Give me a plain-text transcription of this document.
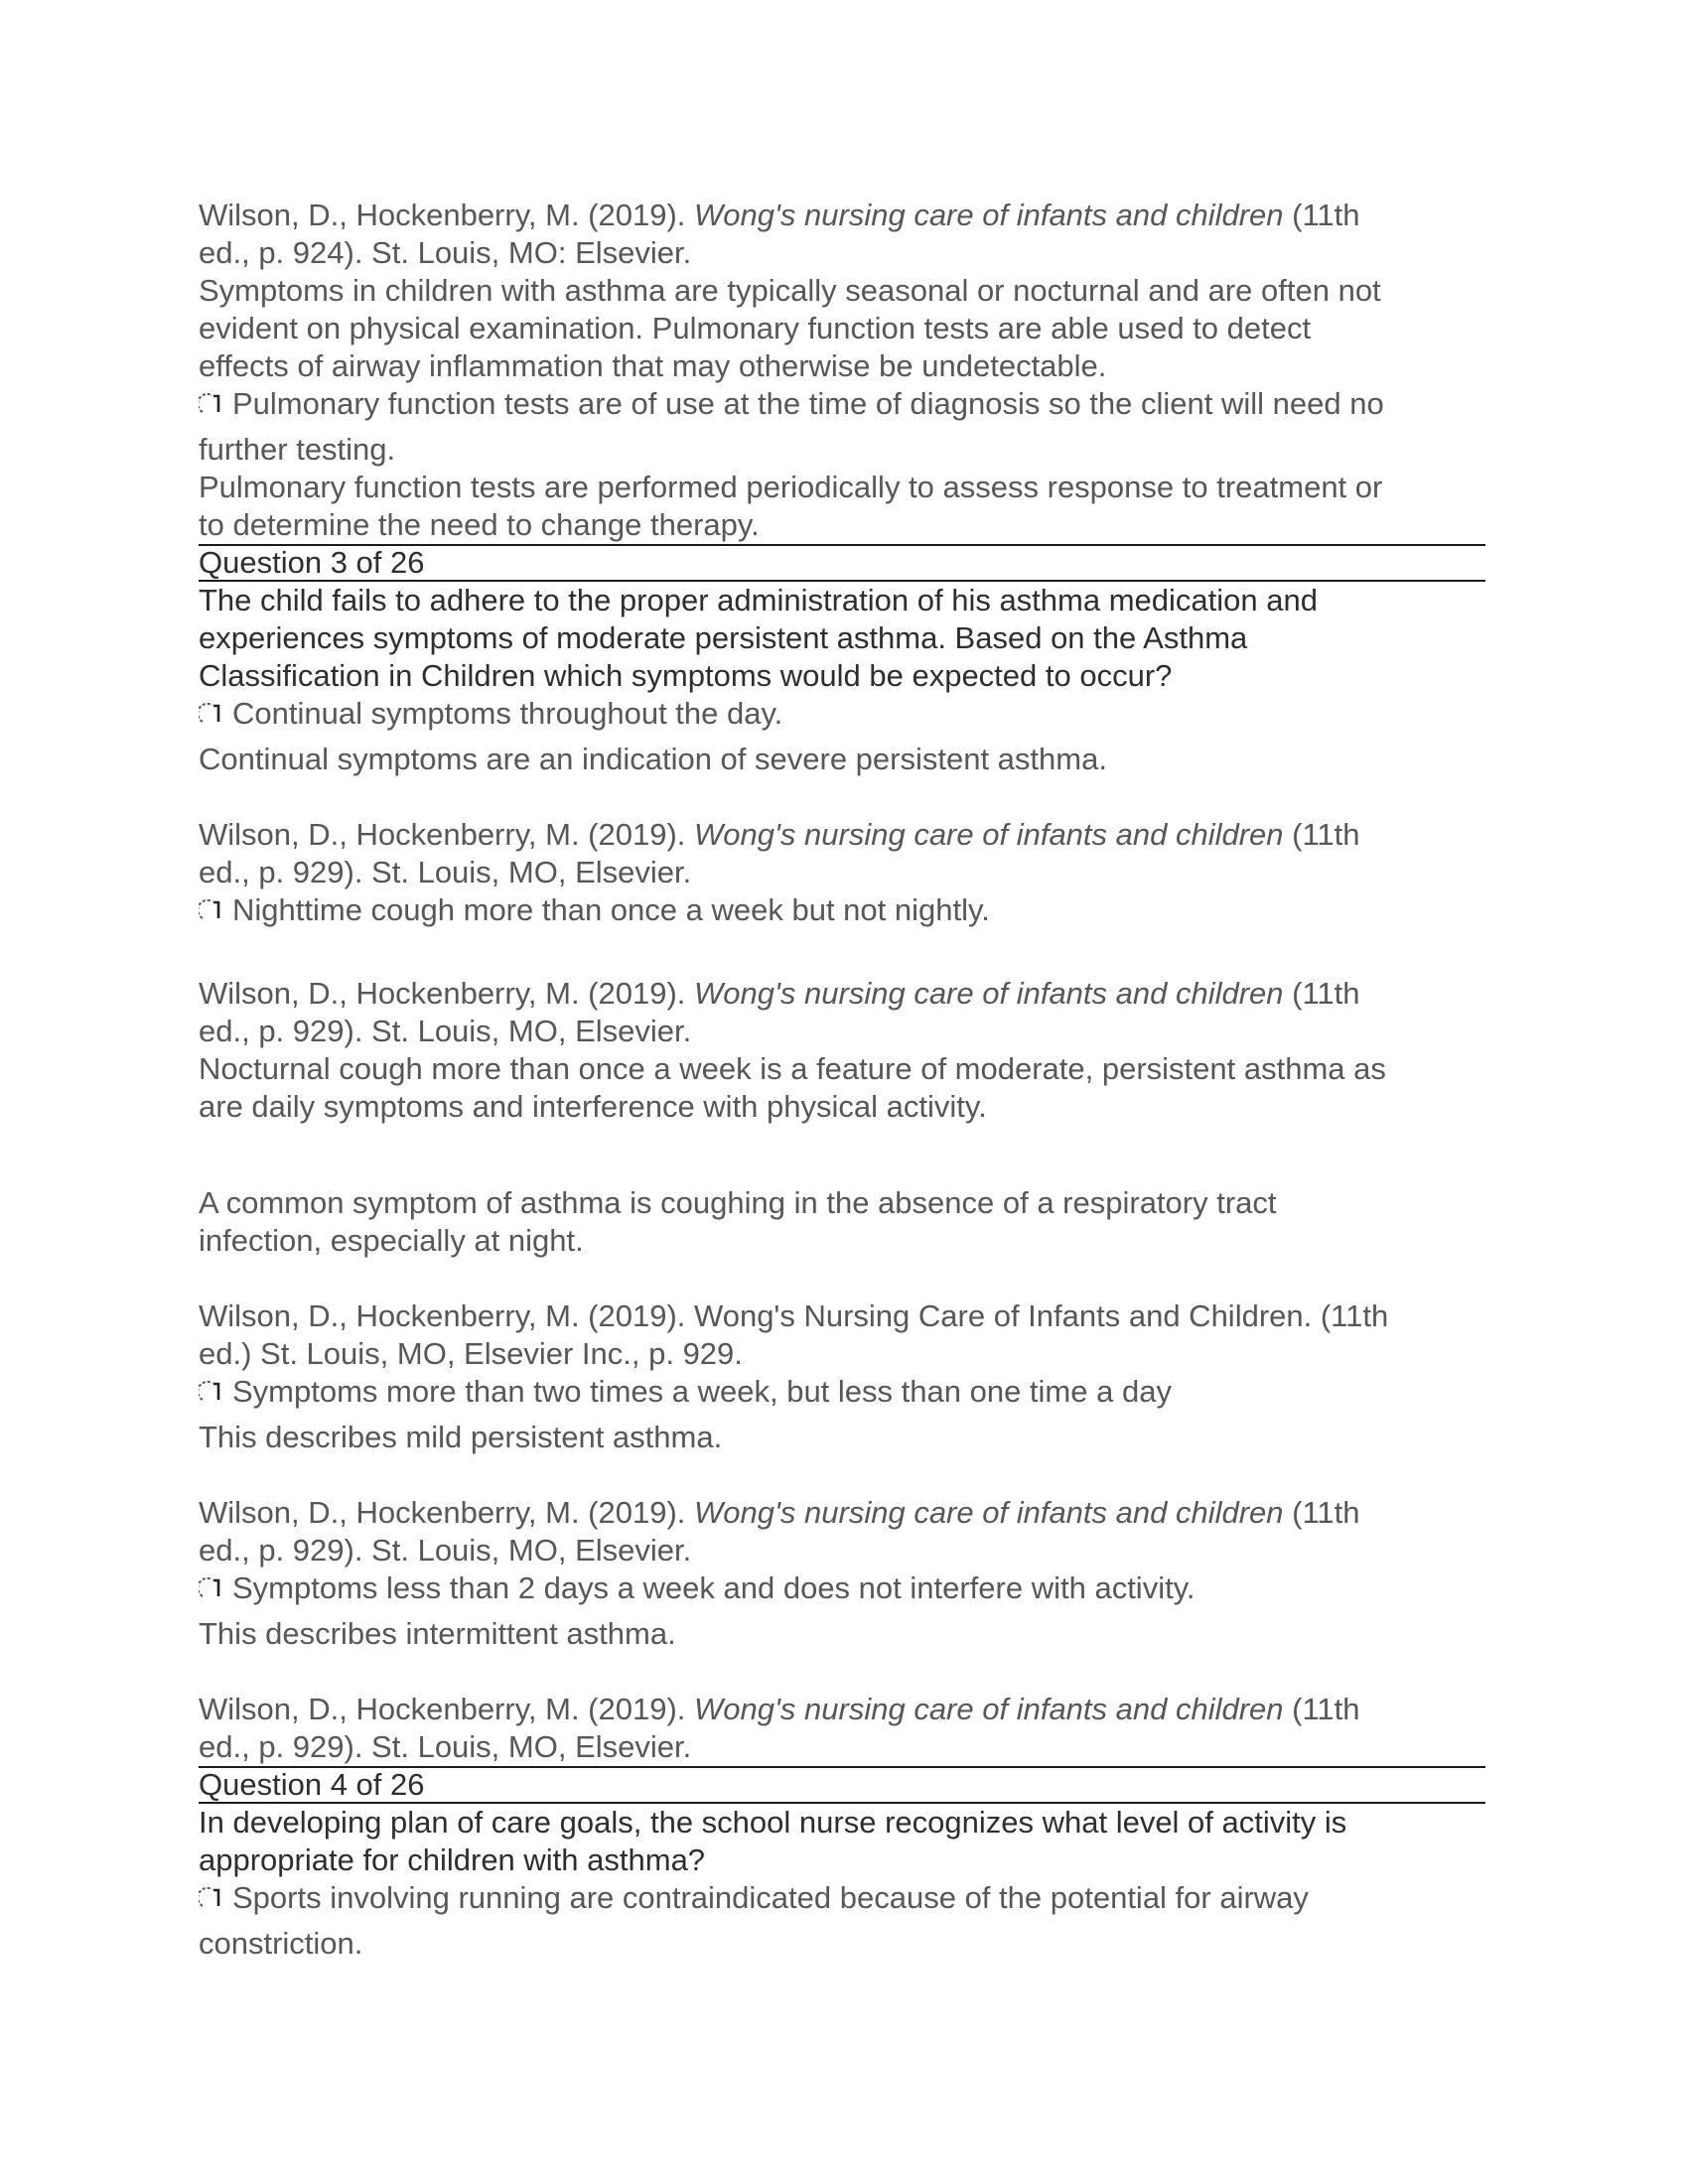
Wilson, D., Hockenberry, M. (2019). Wong's nursing care of infants and children (11th
ed., p. 924). St. Louis, MO: Elsevier.
Symptoms in children with asthma are typically seasonal or nocturnal and are often not
evident on physical examination. Pulmonary function tests are able used to detect
effects of airway inflammation that may otherwise be undetectable.
Pulmonary function tests are of use at the time of diagnosis so the client will need no
further testing.
Pulmonary function tests are performed periodically to assess response to treatment or
to determine the need to change therapy.
Question 3 of 26
The child fails to adhere to the proper administration of his asthma medication and
experiences symptoms of moderate persistent asthma. Based on the Asthma
Classification in Children which symptoms would be expected to occur?
Continual symptoms throughout the day.
Continual symptoms are an indication of severe persistent asthma.
Wilson, D., Hockenberry, M. (2019). Wong's nursing care of infants and children (11th
ed., p. 929). St. Louis, MO, Elsevier.
Nighttime cough more than once a week but not nightly.
Wilson, D., Hockenberry, M. (2019). Wong's nursing care of infants and children (11th
ed., p. 929). St. Louis, MO, Elsevier.
Nocturnal cough more than once a week is a feature of moderate, persistent asthma as
are daily symptoms and interference with physical activity.
A common symptom of asthma is coughing in the absence of a respiratory tract
infection, especially at night.
Wilson, D., Hockenberry, M. (2019). Wong's Nursing Care of Infants and Children. (11th
ed.) St. Louis, MO, Elsevier Inc., p. 929.
Symptoms more than two times a week, but less than one time a day
This describes mild persistent asthma.
Wilson, D., Hockenberry, M. (2019). Wong's nursing care of infants and children (11th
ed., p. 929). St. Louis, MO, Elsevier.
Symptoms less than 2 days a week and does not interfere with activity.
This describes intermittent asthma.
Wilson, D., Hockenberry, M. (2019). Wong's nursing care of infants and children (11th
ed., p. 929). St. Louis, MO, Elsevier.
Question 4 of 26
In developing plan of care goals, the school nurse recognizes what level of activity is
appropriate for children with asthma?
Sports involving running are contraindicated because of the potential for airway
constriction.
